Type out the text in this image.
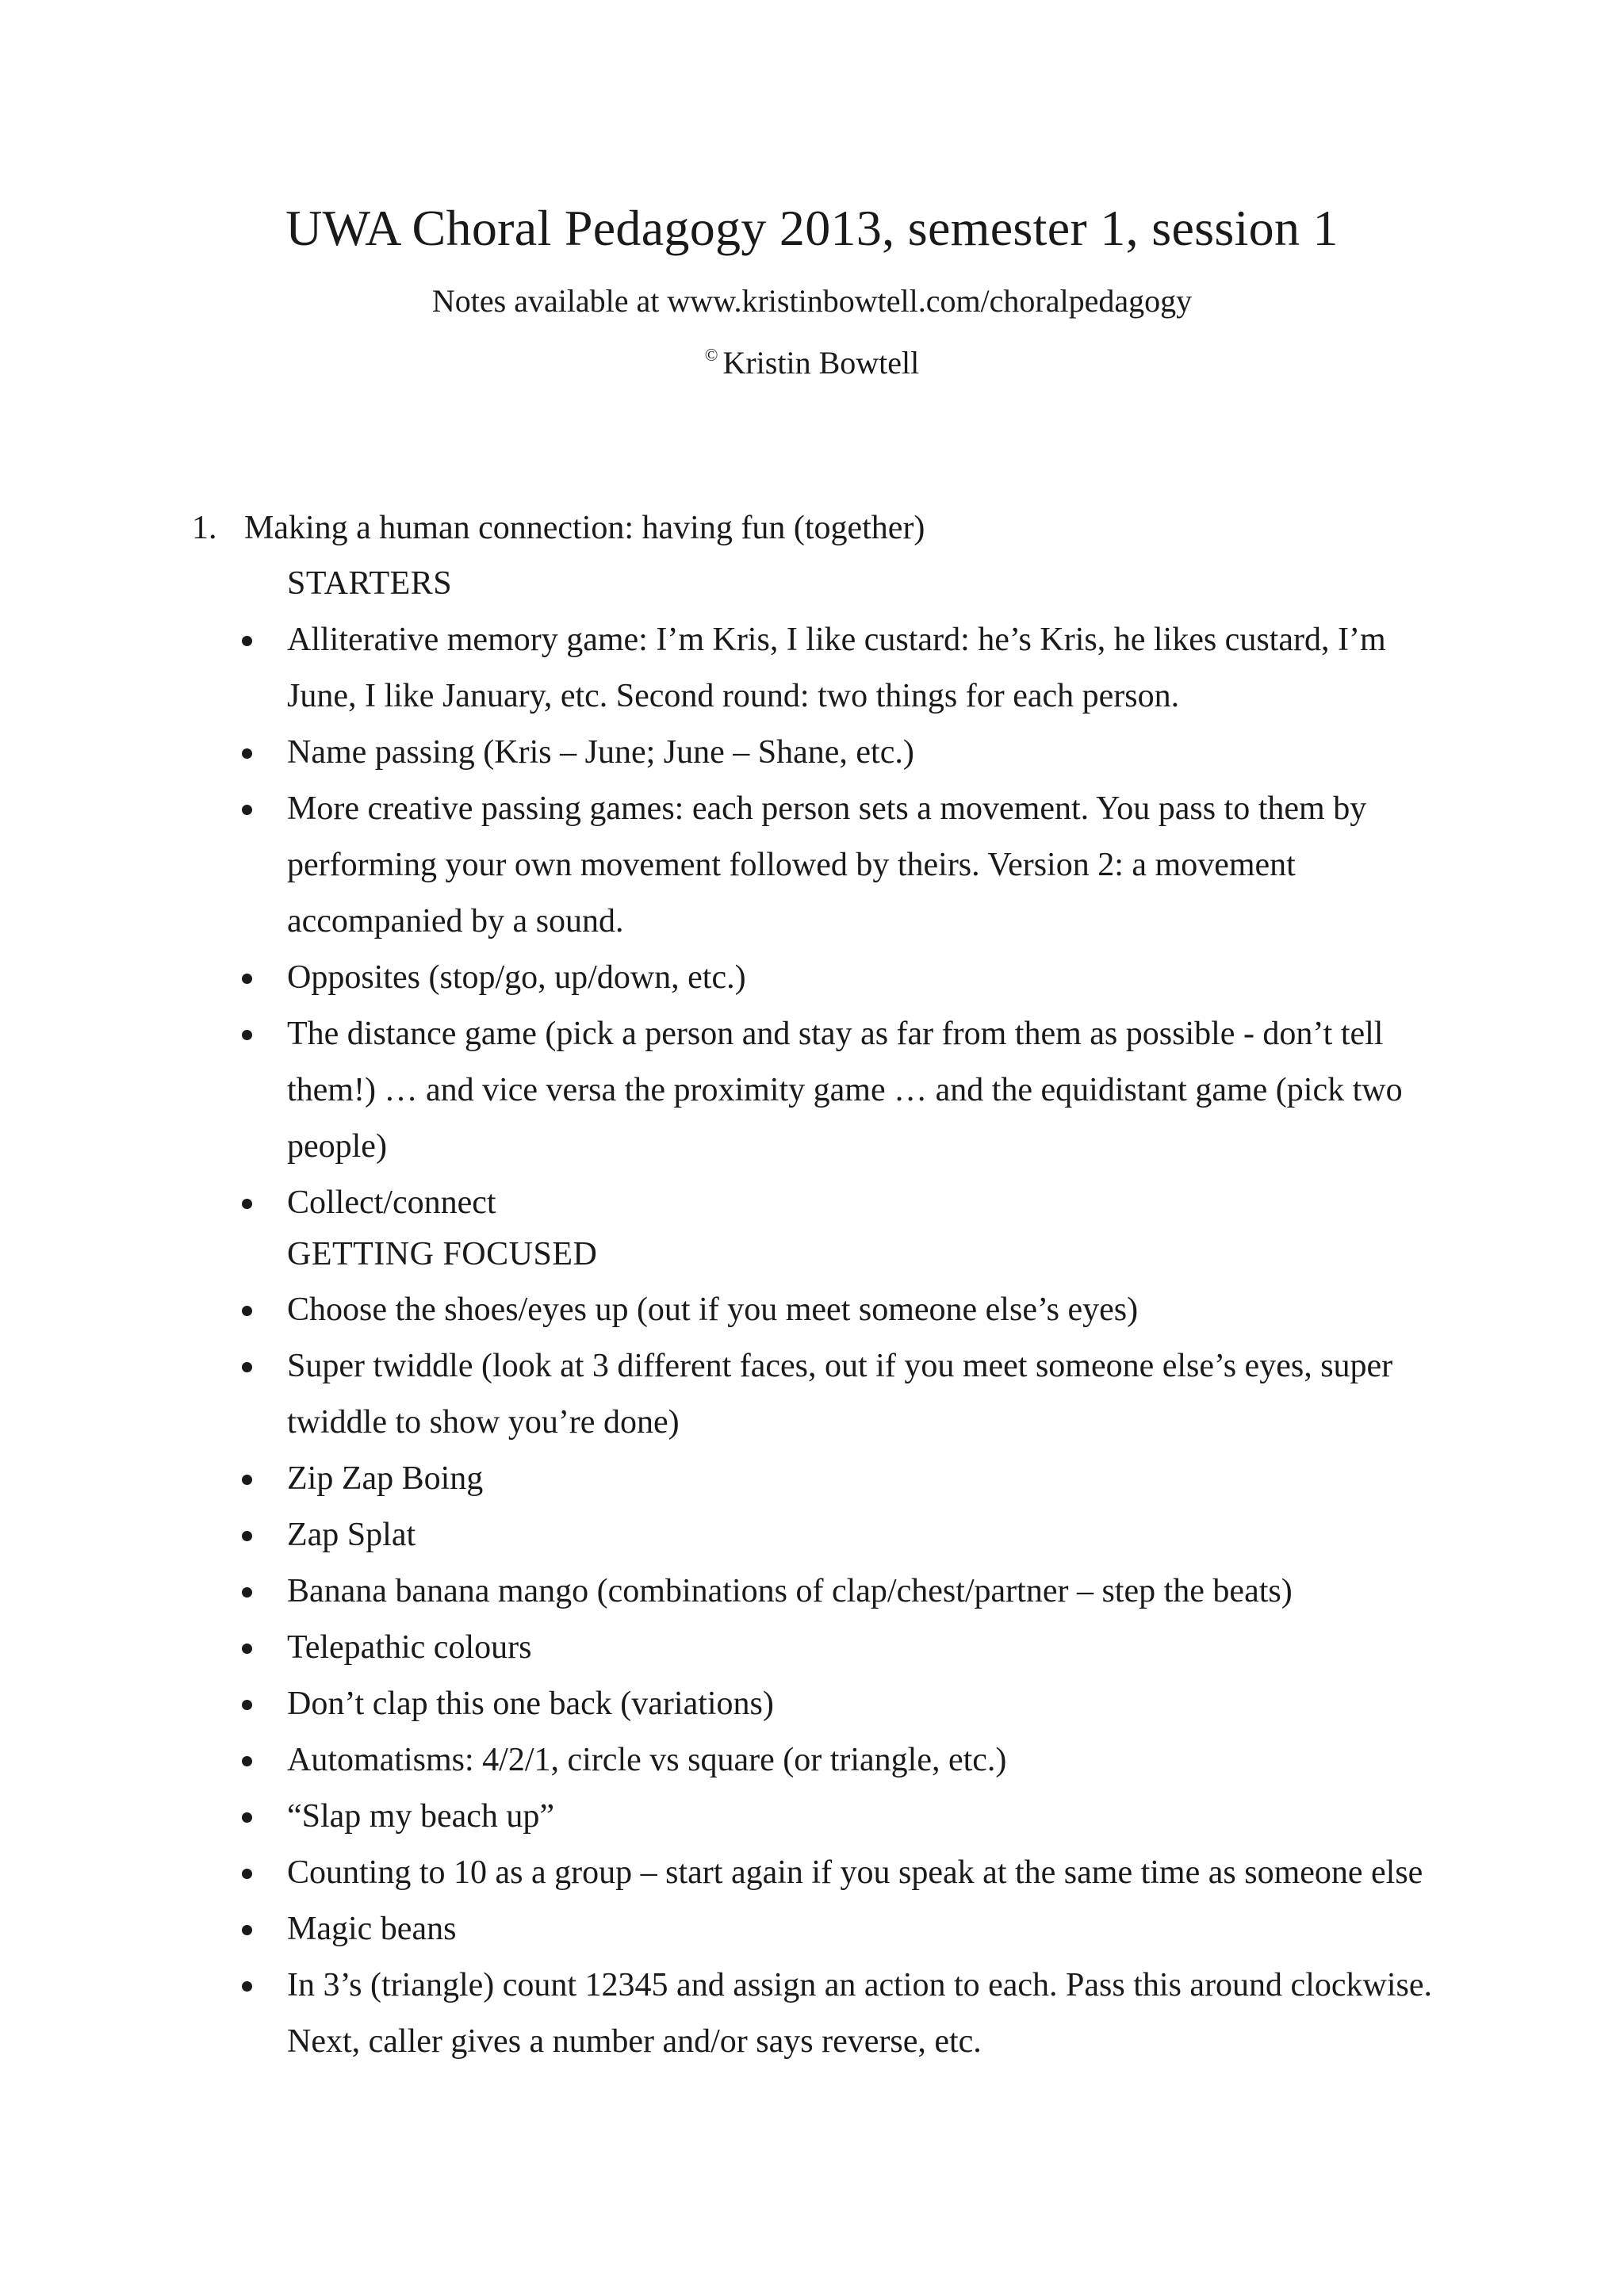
UWA Choral Pedagogy 2013, semester 1, session 1

Notes available at www.kristinbowtell.com/choralpedagogy

© Kristin Bowtell

1. Making a human connection: having fun (together)
STARTERS
Alliterative memory game: I’m Kris, I like custard: he’s Kris, he likes custard, I’m June, I like January, etc. Second round: two things for each person.
Name passing (Kris – June; June – Shane, etc.)
More creative passing games: each person sets a movement. You pass to them by performing your own movement followed by theirs. Version 2: a movement accompanied by a sound.
Opposites (stop/go, up/down, etc.)
The distance game (pick a person and stay as far from them as possible - don’t tell them!) … and vice versa the proximity game … and the equidistant game (pick two people)
Collect/connect
GETTING FOCUSED
Choose the shoes/eyes up (out if you meet someone else’s eyes)
Super twiddle (look at 3 different faces, out if you meet someone else’s eyes, super twiddle to show you’re done)
Zip Zap Boing
Zap Splat
Banana banana mango (combinations of clap/chest/partner – step the beats)
Telepathic colours
Don’t clap this one back (variations)
Automatisms: 4/2/1, circle vs square (or triangle, etc.)
“Slap my beach up”
Counting to 10 as a group – start again if you speak at the same time as someone else
Magic beans
In 3’s (triangle) count 12345 and assign an action to each. Pass this around clockwise. Next, caller gives a number and/or says reverse, etc.
